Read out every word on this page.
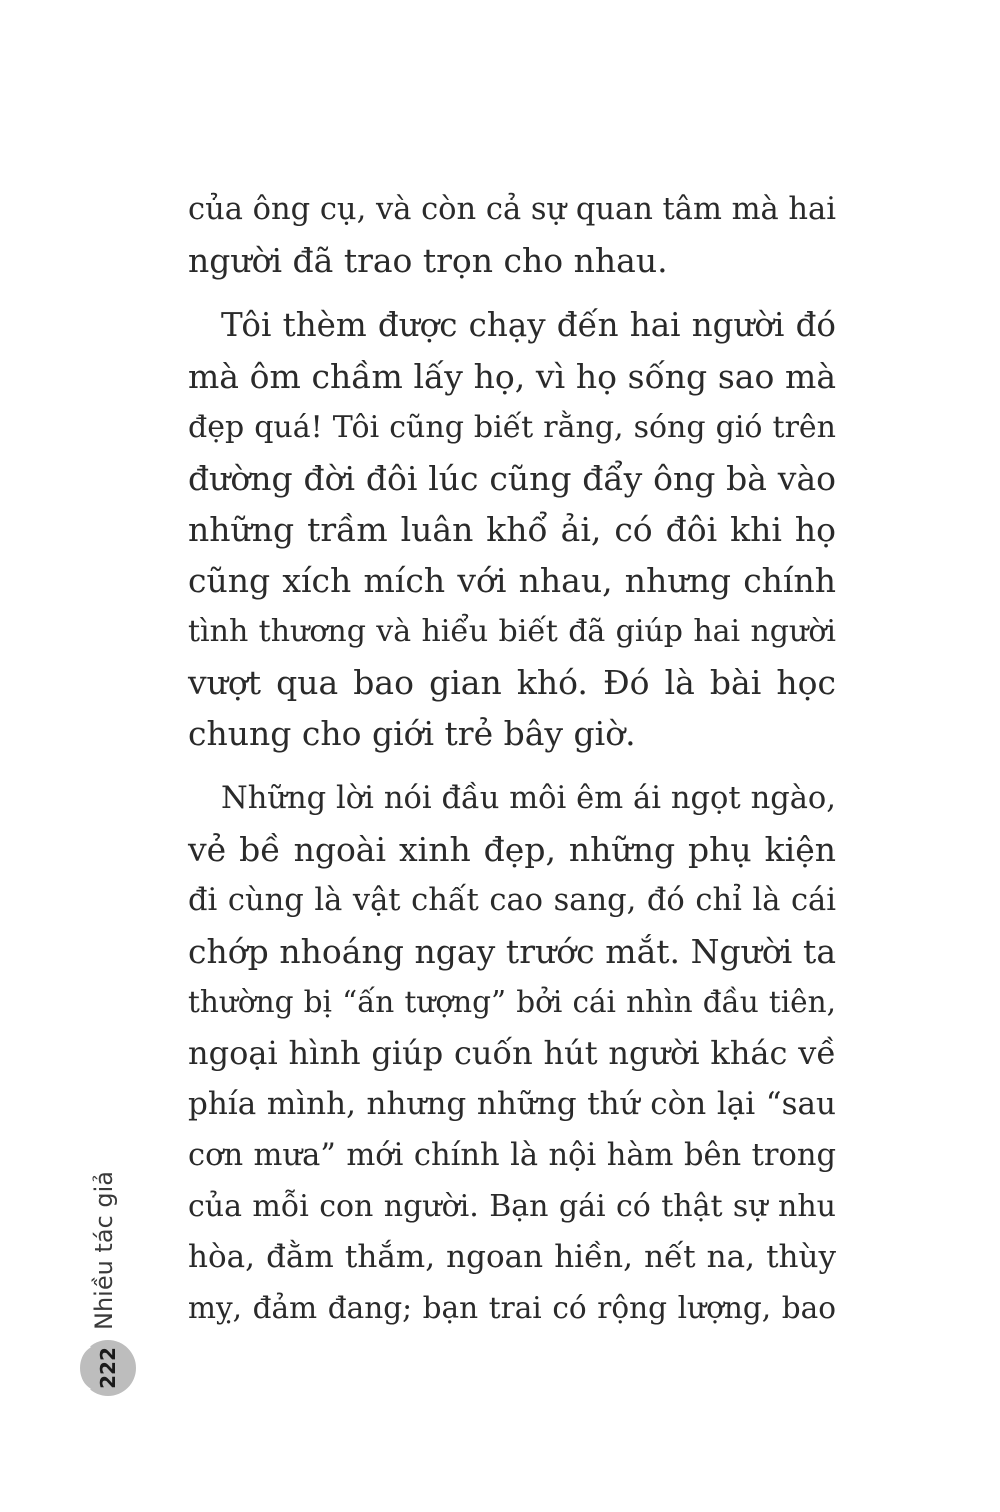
của ông cụ, và còn cả sự quan tâm mà hai
người đã trao trọn cho nhau.
Tôi thèm được chạy đến hai người đó
mà ôm chầm lấy họ, vì họ sống sao mà
đẹp quá! Tôi cũng biết rằng, sóng gió trên
đường đời đôi lúc cũng đẩy ông bà vào
những trầm luân khổ ải, có đôi khi họ
cũng xích mích với nhau, nhưng chính
tình thương và hiểu biết đã giúp hai người
vượt qua bao gian khó. Đó là bài học
chung cho giới trẻ bây giờ.
Những lời nói đầu môi êm ái ngọt ngào,
vẻ bề ngoài xinh đẹp, những phụ kiện
đi cùng là vật chất cao sang, đó chỉ là cái
chớp nhoáng ngay trước mắt. Người ta
thường bị “ấn tượng” bởi cái nhìn đầu tiên,
ngoại hình giúp cuốn hút người khác về
phía mình, nhưng những thứ còn lại “sau
cơn mưa” mới chính là nội hàm bên trong
của mỗi con người. Bạn gái có thật sự nhu
hòa, đằm thắm, ngoan hiền, nết na, thùy
mỵ, đảm đang; bạn trai có rộng lượng, bao
Nhiều tác giả
222
